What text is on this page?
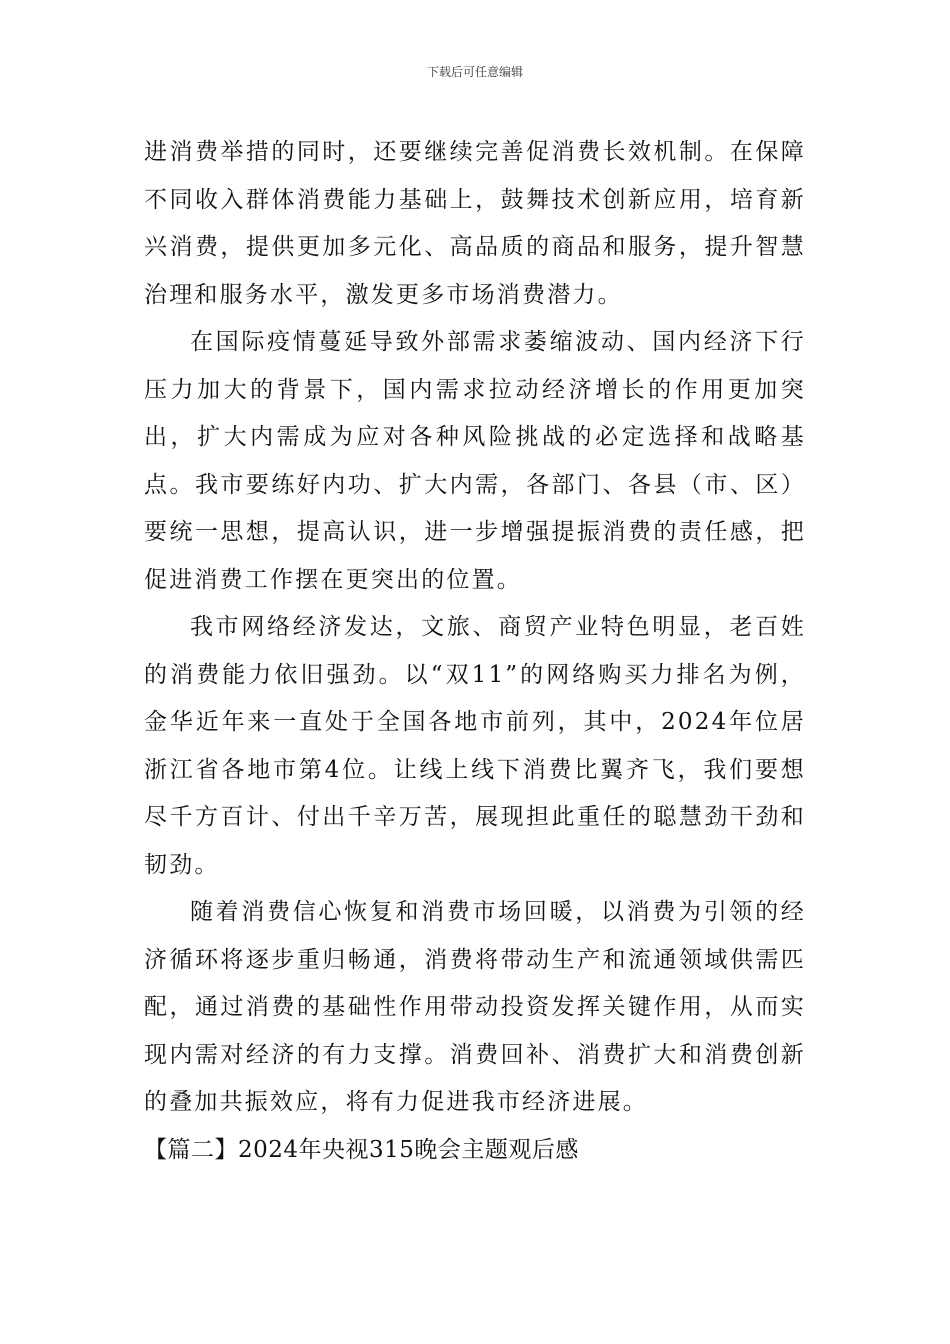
下载后可任意编辑

进消费举措的同时，还要继续完善促消费长效机制。在保障不同收入群体消费能力基础上，鼓舞技术创新应用，培育新兴消费，提供更加多元化、高品质的商品和服务，提升智慧治理和服务水平，激发更多市场消费潜力。

在国际疫情蔓延导致外部需求萎缩波动、国内经济下行压力加大的背景下，国内需求拉动经济增长的作用更加突出，扩大内需成为应对各种风险挑战的必定选择和战略基点。我市要练好内功、扩大内需，各部门、各县（市、区）要统一思想，提高认识，进一步增强提振消费的责任感，把促进消费工作摆在更突出的位置。

我市网络经济发达，文旅、商贸产业特色明显，老百姓的消费能力依旧强劲。以“双11”的网络购买力排名为例，金华近年来一直处于全国各地市前列，其中，2024年位居浙江省各地市第4位。让线上线下消费比翼齐飞，我们要想尽千方百计、付出千辛万苦，展现担此重任的聪慧劲干劲和韧劲。

随着消费信心恢复和消费市场回暖，以消费为引领的经济循环将逐步重归畅通，消费将带动生产和流通领域供需匹配，通过消费的基础性作用带动投资发挥关键作用，从而实现内需对经济的有力支撑。消费回补、消费扩大和消费创新的叠加共振效应，将有力促进我市经济进展。

【篇二】2024年央视315晚会主题观后感
